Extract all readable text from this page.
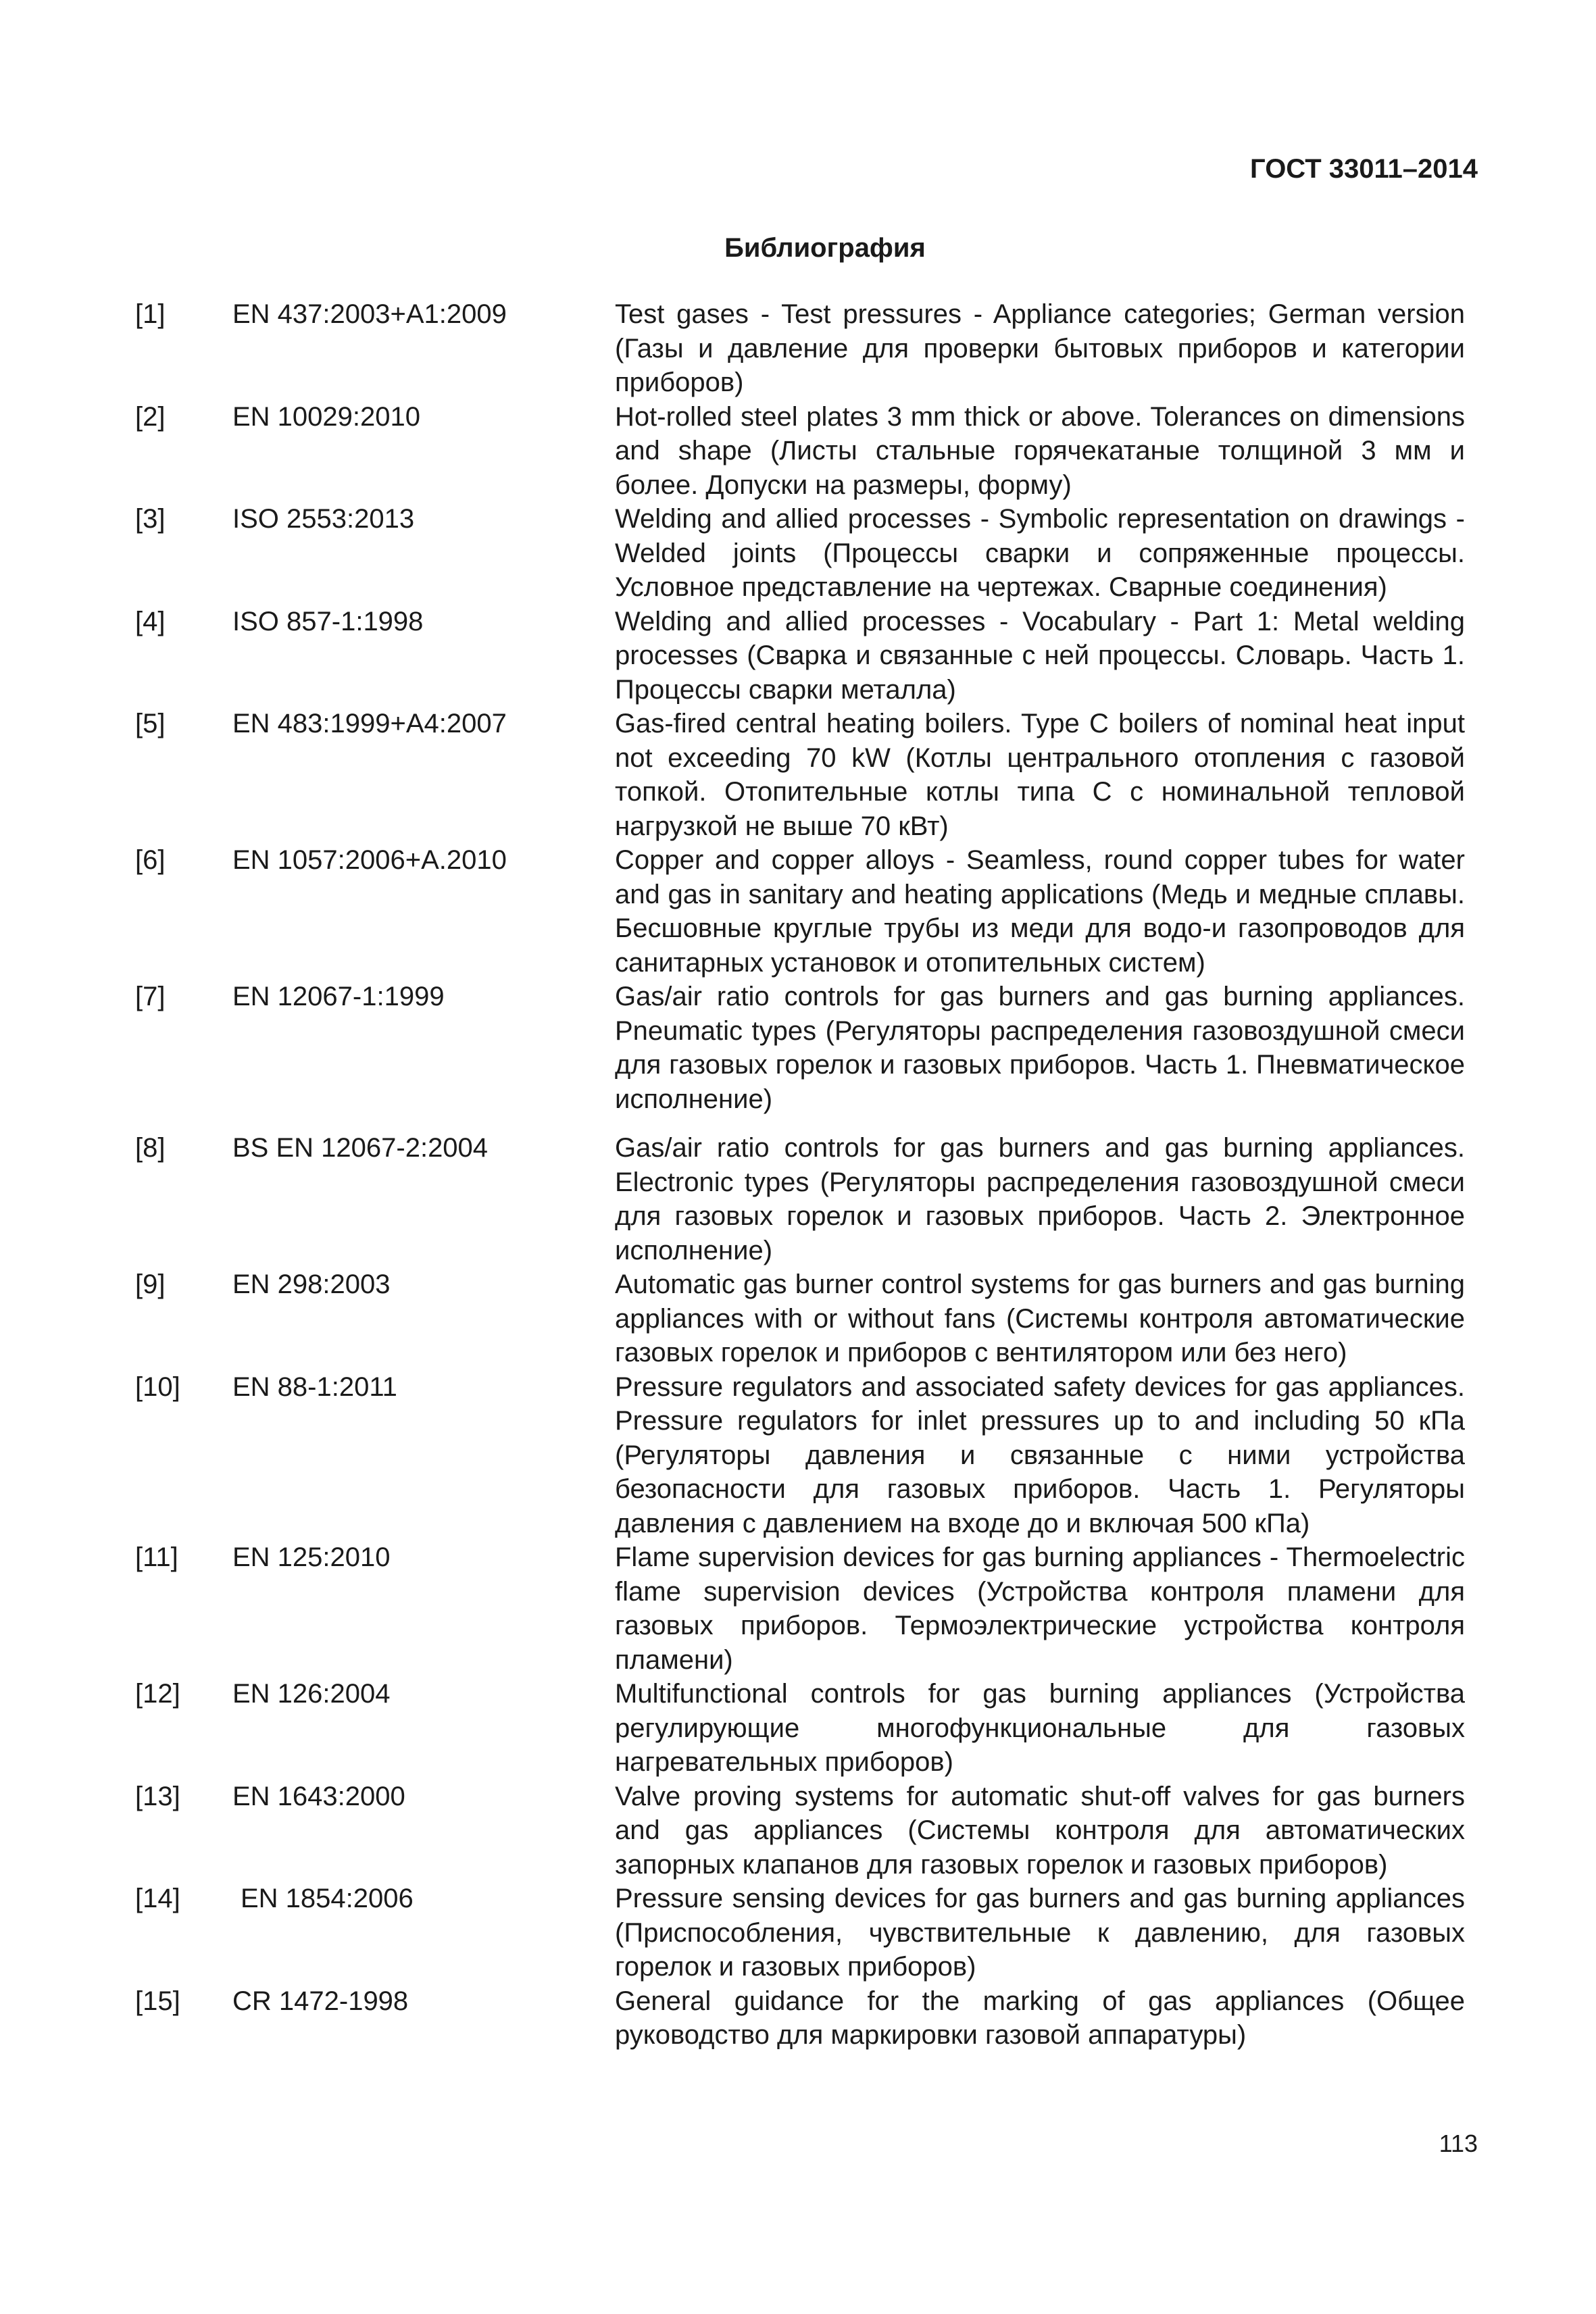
ГОСТ 33011–2014
Библиография
[1]	EN 437:2003+A1:2009	Test gases - Test pressures - Appliance categories; German version (Газы и давление для проверки бытовых приборов и категории приборов)
[2]	EN 10029:2010	Hot-rolled steel plates 3 mm thick or above. Tolerances on dimensions and shape (Листы стальные горячекатаные толщиной 3 мм и более. Допуски на размеры, форму)
[3]	ISO 2553:2013	Welding and allied processes - Symbolic representation on drawings - Welded joints (Процессы сварки и сопряженные процессы. Условное представление на чертежах. Сварные соединения)
[4]	ISO 857-1:1998	Welding and allied processes - Vocabulary - Part 1: Metal welding processes (Сварка и связанные с ней процессы. Словарь. Часть 1. Процессы сварки металла)
[5]	EN 483:1999+A4:2007	Gas-fired central heating boilers. Type C boilers of nominal heat input not exceeding 70 kW (Котлы центрального отопления с газовой топкой. Отопительные котлы типа С с номинальной тепловой нагрузкой не выше 70 кВт)
[6]	EN 1057:2006+A.2010	Copper and copper alloys - Seamless, round copper tubes for water and gas in sanitary and heating applications (Медь и медные сплавы. Бесшовные круглые трубы из меди для водо-и газопроводов для санитарных установок и отопительных систем)
[7]	EN 12067-1:1999	Gas/air ratio controls for gas burners and gas burning appliances. Pneumatic types (Регуляторы распределения газовоздушной смеси для газовых горелок и газовых приборов. Часть 1. Пневматическое исполнение)
[8]	BS EN 12067-2:2004	Gas/air ratio controls for gas burners and gas burning appliances. Electronic types (Регуляторы распределения газовоздушной смеси для газовых горелок и газовых приборов. Часть 2. Электронное исполнение)
[9]	EN 298:2003	Automatic gas burner control systems for gas burners and gas burning appliances with or without fans (Системы контроля автоматические газовых горелок и приборов с вентилятором или без него)
[10]	EN 88-1:2011	Pressure regulators and associated safety devices for gas appliances. Pressure regulators for inlet pressures up to and including 50 кПа (Регуляторы давления и связанные с ними устройства безопасности для газовых приборов. Часть 1. Регуляторы давления с давлением на входе до и включая 500 кПа)
[11]	EN 125:2010	Flame supervision devices for gas burning appliances - Thermoelectric flame supervision devices (Устройства контроля пламени для газовых приборов. Термоэлектрические устройства контроля пламени)
[12]	EN 126:2004	Multifunctional controls for gas burning appliances (Устройства регулирующие многофункциональные для газовых нагревательных приборов)
[13]	EN 1643:2000	Valve proving systems for automatic shut-off valves for gas burners and gas appliances (Системы контроля для автоматических запорных клапанов для газовых горелок и газовых приборов)
[14]	EN 1854:2006	Pressure sensing devices for gas burners and gas burning appliances (Приспособления, чувствительные к давлению, для газовых горелок и газовых приборов)
[15]	CR 1472-1998	General guidance for the marking of gas appliances (Общее руководство для маркировки газовой аппаратуры)
113
